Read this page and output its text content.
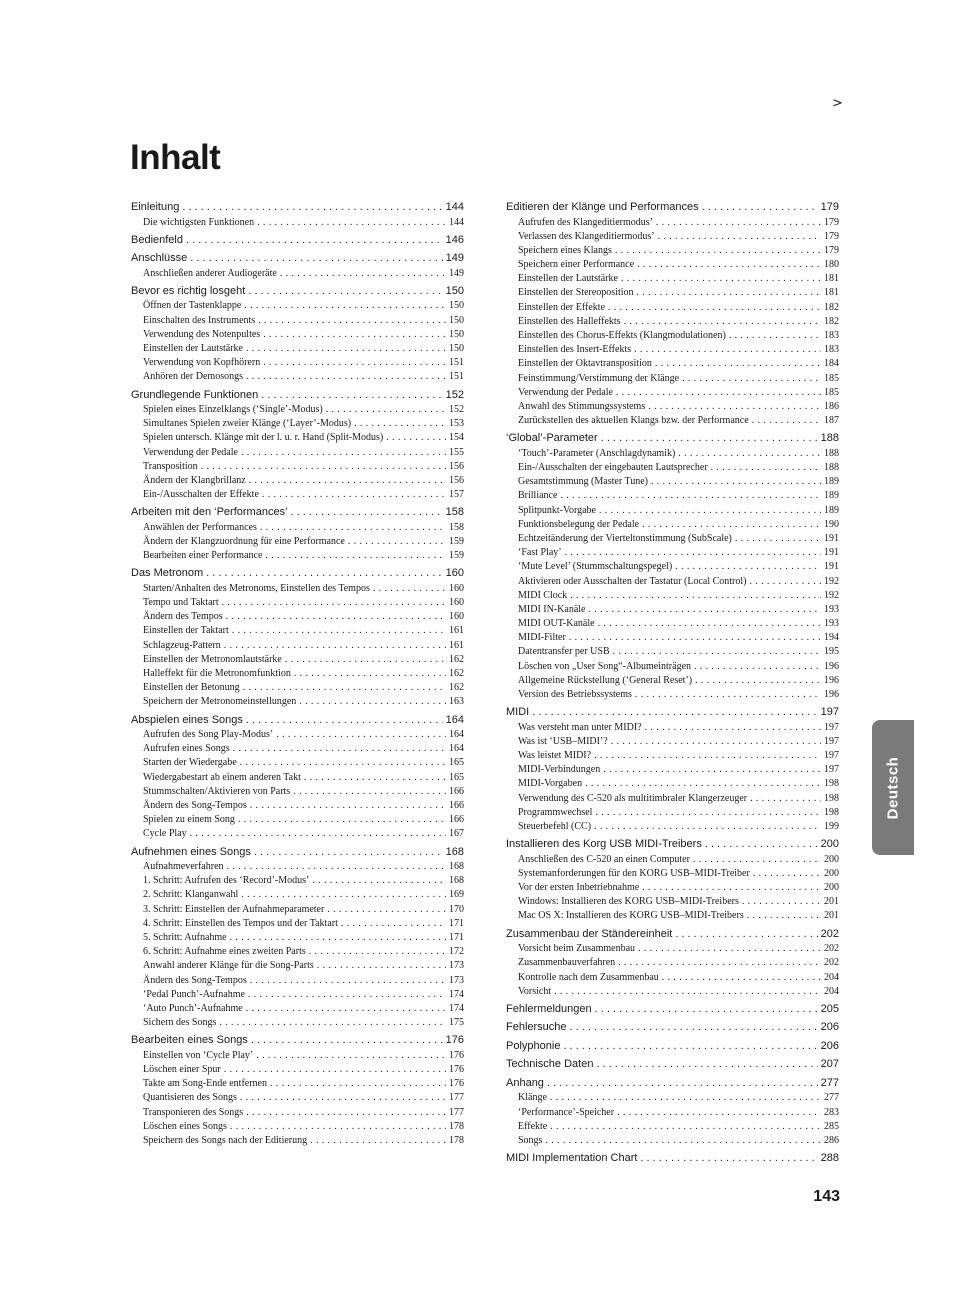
>
Inhalt
Einleitung . . .	144
Die wichtigsten Funktionen . . .	144
Bedienfeld . . .	146
Anschlüsse . . .	149
Anschließen anderer Audiogeräte . . .	149
Bevor es richtig losgeht . . .	150
Öffnen der Tastenklappe . . .	150
Einschalten des Instruments . . .	150
Verwendung des Notenpultes . . .	150
Einstellen der Lautstärke . . .	150
Verwendung von Kopfhörern . . .	151
Anhören der Demosongs . . .	151
Grundlegende Funktionen . . .	152
Spielen eines Einzelklangs (‘Single’-Modus) . . .	152
Simultanes Spielen zweier Klänge (‘Layer’-Modus) . . .	153
Spielen untersch. Klänge mit der l. u. r. Hand (Split-Modus) . . .	154
Verwendung der Pedale . . .	155
Transposition . . .	156
Ändern der Klangbrillanz . . .	156
Ein-/Ausschalten der Effekte . . .	157
Arbeiten mit den ‘Performances’ . . .	158
Anwählen der Performances . . .	158
Ändern der Klangzuordnung für eine Performance . . .	159
Bearbeiten einer Performance . . .	159
Das Metronom . . .	160
Starten/Anhalten des Metronoms, Einstellen des Tempos . . .	160
Tempo und Taktart . . .	160
Ändern des Tempos . . .	160
Einstellen der Taktart . . .	161
Schlagzeug-Pattern . . .	161
Einstellen der Metronomlautstärke . . .	162
Halleffekt für die Metronomfunktion . . .	162
Einstellen der Betonung . . .	162
Speichern der Metronomeinstellungen . . .	163
Abspielen eines Songs . . .	164
Aufrufen des Song Play-Modus’ . . .	164
Aufrufen eines Songs . . .	164
Starten der Wiedergabe . . .	165
Wiedergabestart ab einem anderen Takt . . .	165
Stummschalten/Aktivieren von Parts . . .	166
Ändern des Song-Tempos . . .	166
Spielen zu einem Song . . .	166
Cycle Play . . .	167
Aufnehmen eines Songs . . .	168
Aufnahmeverfahren . . .	168
1. Schritt: Aufrufen des ‘Record’-Modus’ . . .	168
2. Schritt: Klanganwahl . . .	169
3. Schritt: Einstellen der Aufnahmeparameter . . .	170
4. Schritt: Einstellen des Tempos und der Taktart . . .	171
5. Schritt: Aufnahme . . .	171
6. Schritt: Aufnahme eines zweiten Parts . . .	172
Anwahl anderer Klänge für die Song-Parts . . .	173
Ändern des Song-Tempos . . .	173
‘Pedal Punch’-Aufnahme . . .	174
‘Auto Punch’-Aufnahme . . .	174
Sichern des Songs . . .	175
Bearbeiten eines Songs . . .	176
Einstellen von ‘Cycle Play’ . . .	176
Löschen einer Spur . . .	176
Takte am Song-Ende entfernen . . .	176
Quantisieren des Songs . . .	177
Transponieren des Songs . . .	177
Löschen eines Songs . . .	178
Speichern des Songs nach der Editierung . . .	178
Editieren der Klänge und Performances . . .	179
Aufrufen des Klangeditiermodus’ . . .	179
Verlassen des Klangeditiermodus’ . . .	179
Speichern eines Klangs . . .	179
Speichern einer Performance . . .	180
Einstellen der Lautstärke . . .	181
Einstellen der Stereoposition . . .	181
Einstellen der Effekte . . .	182
Einstellen des Halleffekts . . .	182
Einstellen des Chorus-Effekts (Klangmodulationen) . . .	183
Einstellen des Insert-Effekts . . .	183
Einstellen der Oktavtransposition . . .	184
Feinstimmung/Verstimmung der Klänge . . .	185
Verwendung der Pedale . . .	185
Anwahl des Stimmungssystems . . .	186
Zurückstellen des aktuellen Klangs bzw. der Performance . . .	187
‘Global’-Parameter . . .	188
‘Touch’-Parameter (Anschlagdynamik) . . .	188
Ein-/Ausschalten der eingebauten Lautsprecher . . .	188
Gesamtstimmung (Master Tune) . . .	189
Brilliance . . .	189
Splitpunkt-Vorgabe . . .	189
Funktionsbelegung der Pedale . . .	190
Echtzeitänderung der Vierteltonstimmung (SubScale) . . .	191
‘Fast Play’ . . .	191
‘Mute Level’ (Stummschaltungspegel) . . .	191
Aktivieren oder Ausschalten der Tastatur (Local Control) . . .	192
MIDI Clock . . .	192
MIDI IN-Kanäle . . .	193
MIDI OUT-Kanäle . . .	193
MIDI-Filter . . .	194
Datentransfer per USB . . .	195
Löschen von „User Song“-Albumeinträgen . . .	196
Allgemeine Rückstellung (‘General Reset’) . . .	196
Version des Betriebssystems . . .	196
MIDI . . .	197
Was versteht man unter MIDI? . . .	197
Was ist ‘USB–MIDI’? . . .	197
Was leistet MIDI? . . .	197
MIDI-Verbindungen . . .	197
MIDI-Vorgaben . . .	198
Verwendung des C-520 als multitimbraler Klangerzeuger . . .	198
Programmwechsel . . .	198
Steuerbefehl (CC) . . .	199
Installieren des Korg USB MIDI-Treibers . . .	200
Anschließen des C-520 an einen Computer . . .	200
Systemanforderungen für den KORG USB–MIDI-Treiber . . .	200
Vor der ersten Inbetriebnahme . . .	200
Windows: Installieren des KORG USB–MIDI-Treibers . . .	201
Mac OS X: Installieren des KORG USB–MIDI-Treibers . . .	201
Zusammenbau der Ständereinheit . . .	202
Vorsicht beim Zusammenbau . . .	202
Zusammenbauverfahren . . .	202
Kontrolle nach dem Zusammenbau . . .	204
Vorsicht . . .	204
Fehlermeldungen . . .	205
Fehlersuche . . .	206
Polyphonie . . .	206
Technische Daten . . .	207
Anhang . . .	277
Klänge . . .	277
‘Performance’-Speicher . . .	283
Effekte . . .	285
Songs . . .	286
MIDI Implementation Chart . . .	288
Deutsch
143
